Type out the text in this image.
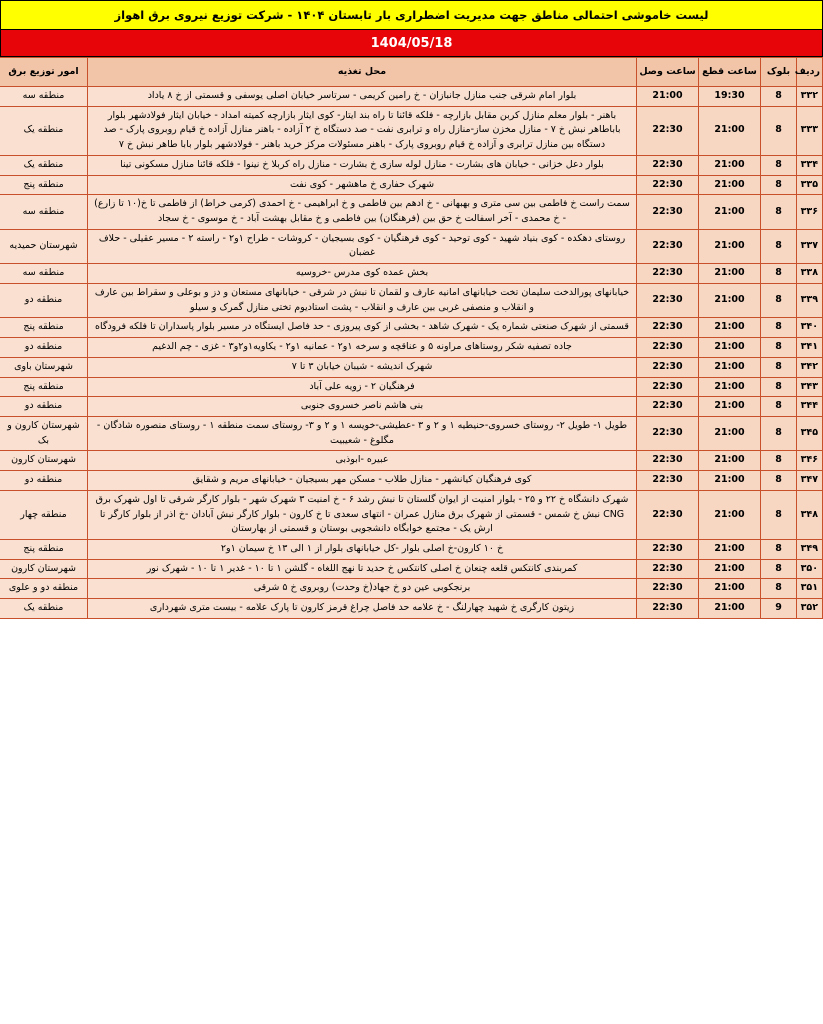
لیست خاموشی احتمالی مناطق جهت مدیریت اضطراری بار تابستان ۱۴۰۴ - شرکت توزیع نیروی برق اهواز
1404/05/18
ردیف	بلوک	ساعت قطع	ساعت وصل	محل تغذیه	امور توزیع برق
۳۳۲	8	19:30	21:00	بلوار امام شرقی جنب منازل جانبازان - خ رامین کریمی - سرتاسر خیابان اصلی یوسفی و قسمتی از خ ۸ یاداد	منطقه سه
۳۳۳	8	21:00	22:30	باهنر - بلوار معلم منازل کربن مقابل بازارچه - فلکه قائنا تا راه بند ایتار- کوی ایثار بازارچه کمیته امداد - خیابان ایثار فولادشهر بلوار باباطاهر نبش خ ۷ - منازل مخزن ساز-منازل راه و ترابری نفت - صد دستگاه خ ۲ آزاده - باهنر منازل آزاده خ قیام روبروی پارک - صد دستگاه بین منازل ترابری و آزاده خ قیام روبروی پارک - باهنر مسئولات مرکز خرید باهنر - فولادشهر بلوار بابا طاهر نبش خ ۷	منطقه یک
۳۳۴	8	21:00	22:30	بلوار دعل خزانی - خیابان های بشارت - منازل لوله سازی خ بشارت - منازل راه کربلا خ نینوا - فلکه قائنا منازل مسکونی تینا	منطقه یک
۳۳۵	8	21:00	22:30	شهرک حفاری خ ماهشهر - کوی نفت	منطقه پنج
۳۳۶	8	21:00	22:30	سمت راست خ فاطمی بین سی متری و بهبهانی - خ ادهم بین فاطمی و خ ابراهیمی - خ احمدی (کرمی خراط) از فاطمی تا خ(۱۰ تا زارع) - خ محمدی - آخر اسفالت خ حق بین (فرهنگان) بین فاطمی و خ مقابل بهشت آباد - خ موسوی - خ سجاد	منطقه سه
۳۳۷	8	21:00	22:30	روستای دهکده - کوی بنیاد شهید - کوی توحید - کوی فرهنگیان - کوی بسیجیان - کروشات - طراح ۱و۲ - راسته ۲ - مسیر عقیلی - حلاف غضبان	شهرستان حمیدیه
۳۳۸	8	21:00	22:30	بخش عمده کوی مدرس -خروسیه	منطقه سه
۳۳۹	8	21:00	22:30	خیابانهای پورالدخت سلیمان تخت خیابانهای امانیه عارف و لقمان تا نبش در شرقی - خیابانهای مستعان و دز و بوعلی و سقراط بین عارف و انقلاب و منصفی غربی بین عارف و انقلاب - پشت استادیوم تختی منازل گمرک و سیلو	منطقه دو
۳۴۰	8	21:00	22:30	قسمتی از شهرک صنعتی شماره یک - شهرک شاهد - بخشی از کوی پیروزی - حد فاصل ایستگاه در مسیر بلوار پاسداران تا فلکه فرودگاه	منطقه پنج
۳۴۱	8	21:00	22:30	جاده تصفیه شکر روستاهای مراونه ۵ و عناقچه و سرخه ۱و۲ - عمانیه ۱و۲ - یکاویه۱و۲و۳ - غزی - چم الدغیم	منطقه دو
۳۴۲	8	21:00	22:30	شهرک اندیشه - شیبان خیابان ۳ تا ۷	شهرستان باوی
۳۴۳	8	21:00	22:30	فرهنگیان ۲ - زویه علی آباد	منطقه پنج
۳۴۴	8	21:00	22:30	بنی هاشم ناصر خسروی جنوبی	منطقه دو
۳۴۵	8	21:00	22:30	طویل ۱- طویل ۲- روستای خسروی-حنیطیه ۱ و ۲ و ۳ -عطیشی-خویسه ۱ و ۲ و ۳- روستای سمت منطقه ۱ - روستای منصوره شادگان - مگلوغ - شعیبیت	شهرستان کارون و بک
۳۴۶	8	21:00	22:30	عبیره -ابوذبی	شهرستان کارون
۳۴۷	8	21:00	22:30	کوی فرهنگیان کیانشهر - منازل طلاب - مسکن مهر بسیجیان - خیابانهای مریم و شقایق	منطقه دو
۳۴۸	8	21:00	22:30	شهرک دانشگاه خ ۲۲ و ۲۵ - بلوار امنیت از ایوان گلستان تا نبش رشد ۶ - خ امنیت ۳ شهرک شهر - بلوار کارگر شرقی تا اول شهرک برق CNG نبش خ شمس - قسمتی از شهرک برق منازل عمران - انتهای سعدی تا خ کارون - بلوار کارگر نبش آبادان -خ اذر از بلوار کارگر تا ارش یک - مجتمع خوابگاه دانشجویی بوستان و قسمتی از بهارستان	منطقه چهار
۳۴۹	8	21:00	22:30	خ ۱۰ کارون-خ اصلی بلوار -کل خیابانهای بلوار از ۱ الی ۱۳ خ سیمان ۱و۲	منطقه پنج
۳۵۰	8	21:00	22:30	کمربندی کانتکس قلعه چنعان خ اصلی کانتکس خ حدید تا نهج اللغاه - گلشن ۱ تا ۱۰ - غدیر ۱ تا ۱۰ - شهرک نور	شهرستان کارون
۳۵۱	8	21:00	22:30	برنجکوبی عین دو خ جهاد(خ وحدت) روبروی خ ۵ شرقی	منطقه دو و علوی
۳۵۲	9	21:00	22:30	زیتون کارگری خ شهید چهارلنگ - خ علامه حد فاصل چراغ قرمز کارون تا پارک علامه - بیست متری شهرداری	منطقه یک
